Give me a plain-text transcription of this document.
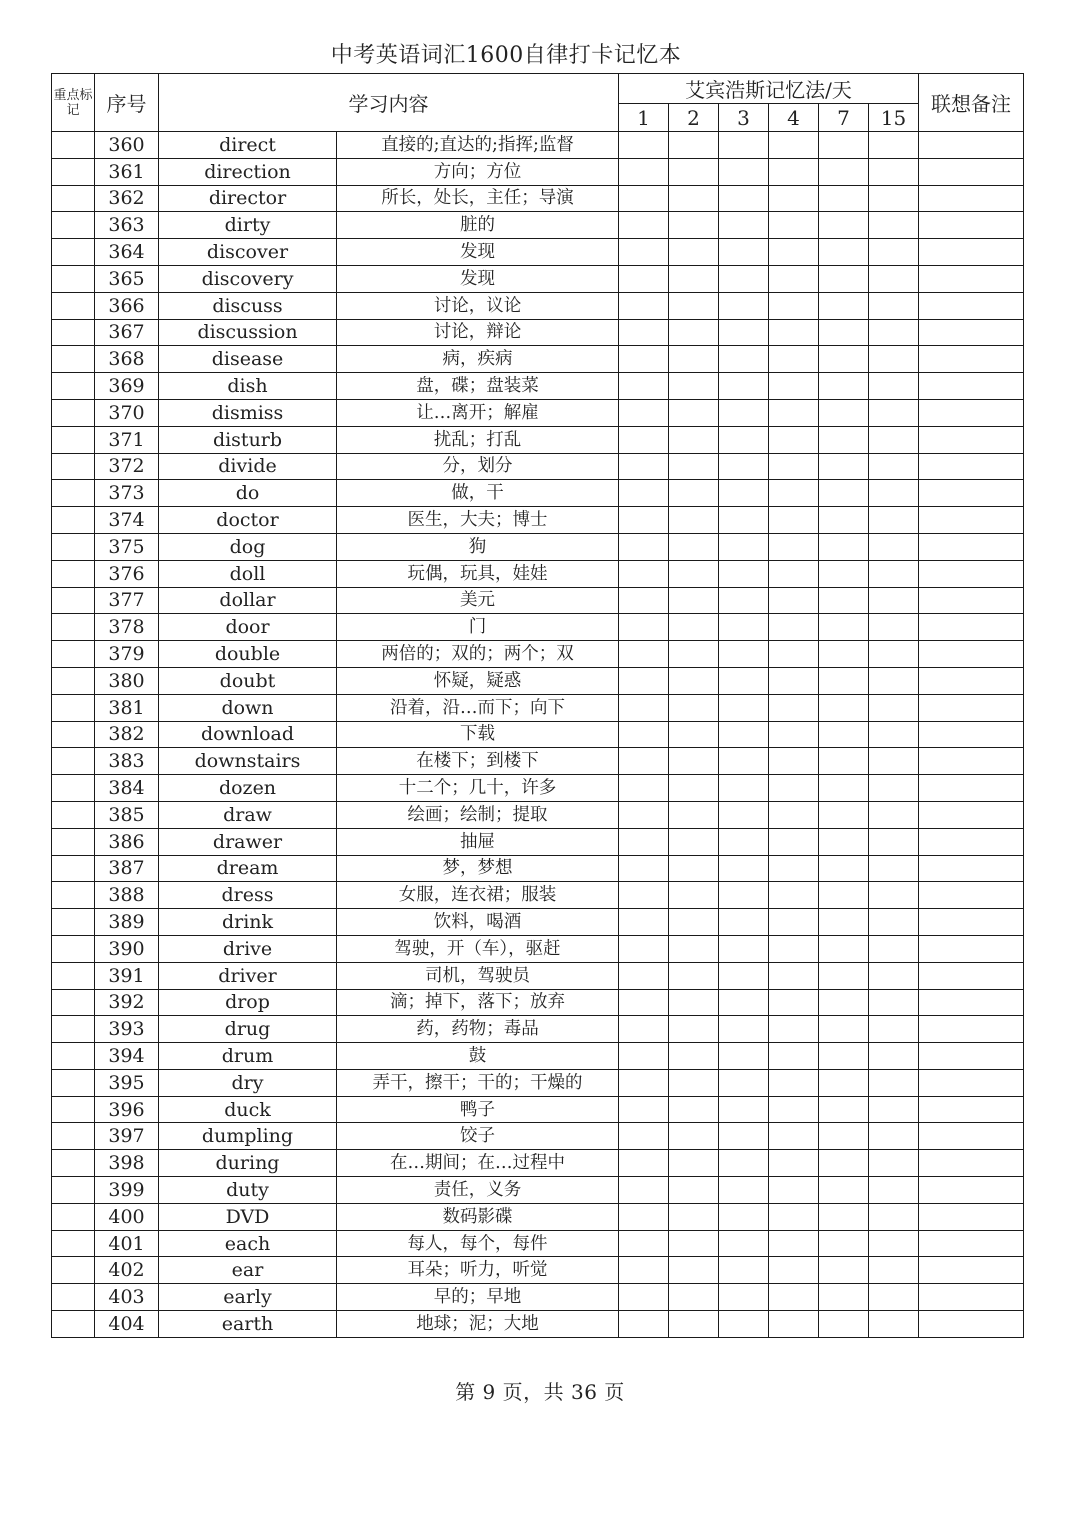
中考英语词汇1600自律打卡记忆本
重点标记	序号	学习内容		艾宾浩斯记忆法/天						联想备注
				1	2	3	4	7	15	
	360	direct	直接的;直达的;指挥;监督							
	361	direction	方向；方位							
	362	director	所长，处长，主任；导演							
	363	dirty	脏的							
	364	discover	发现							
	365	discovery	发现							
	366	discuss	讨论，议论							
	367	discussion	讨论，辩论							
	368	disease	病，疾病							
	369	dish	盘，碟；盘装菜							
	370	dismiss	让…离开；解雇							
	371	disturb	扰乱；打乱							
	372	divide	分，划分							
	373	do	做，干							
	374	doctor	医生，大夫；博士							
	375	dog	狗							
	376	doll	玩偶，玩具，娃娃							
	377	dollar	美元							
	378	door	门							
	379	double	两倍的；双的；两个；双							
	380	doubt	怀疑，疑惑							
	381	down	沿着，沿…而下；向下							
	382	download	下载							
	383	downstairs	在楼下；到楼下							
	384	dozen	十二个；几十，许多							
	385	draw	绘画；绘制；提取							
	386	drawer	抽屉							
	387	dream	梦，梦想							
	388	dress	女服，连衣裙；服装							
	389	drink	饮料，喝酒							
	390	drive	驾驶，开（车），驱赶							
	391	driver	司机，驾驶员							
	392	drop	滴；掉下，落下；放弃							
	393	drug	药，药物；毒品							
	394	drum	鼓							
	395	dry	弄干，擦干；干的；干燥的							
	396	duck	鸭子							
	397	dumpling	饺子							
	398	during	在…期间；在…过程中							
	399	duty	责任，义务							
	400	DVD	数码影碟							
	401	each	每人，每个，每件							
	402	ear	耳朵；听力，听觉							
	403	early	早的；早地							
	404	earth	地球；泥；大地							
第 9 页，共 36 页
